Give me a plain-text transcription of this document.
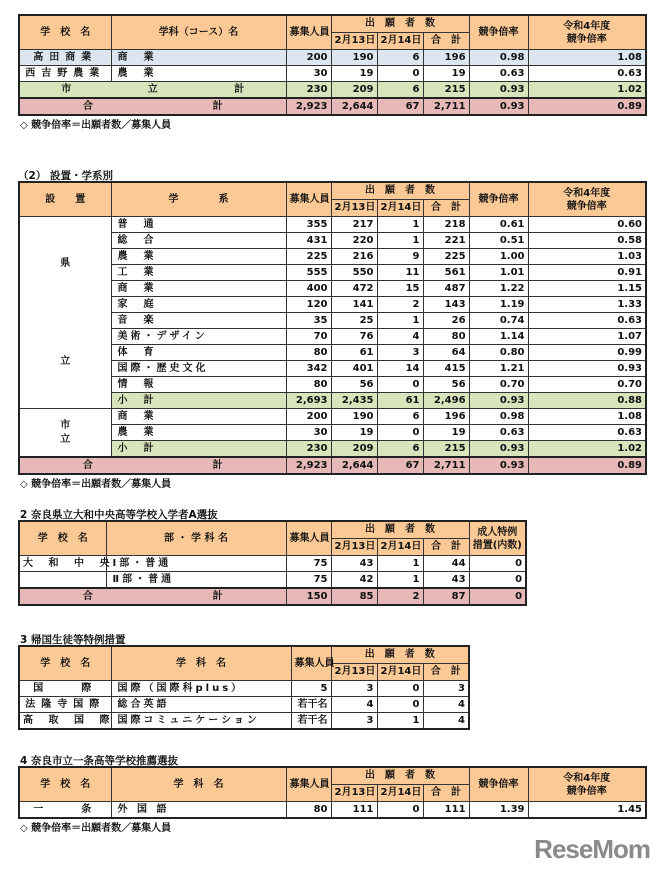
学　校　名	学科（コース）名	募集人員	出　願　者　数			競争倍率	令和4年度
競争倍率
			2月13日	2月14日	合　計		
高田商業	商　業	200	190	6	196	0.98	1.08
西吉野農業	農　業	30	19	0	19	0.63	0.63

市 立 計		230	209	6	215	0.93	1.02

合 計		2,923	2,644	67	2,711	0.93	0.89
◇ 競争倍率＝出願者数／募集人員
（2） 設置・学系別
設　　置	学　　　　系	募集人員	出　願　者　数			競争倍率	令和4年度
競争倍率
			2月13日	2月14日	合　計		
県

立	普　通	355	217	1	218	0.61	0.60
	総　合	431	220	1	221	0.51	0.58
	農　業	225	216	9	225	1.00	1.03
	工　業	555	550	11	561	1.01	0.91
	商　業	400	472	15	487	1.22	1.15
	家　庭	120	141	2	143	1.19	1.33
	音　楽	35	25	1	26	0.74	0.63
	美術・デザイン	70	76	4	80	1.14	1.07
	体　育	80	61	3	64	0.80	0.99
	国際・歴史文化	342	401	14	415	1.21	0.93
	情　報	80	56	0	56	0.70	0.70
	小　計	2,693	2,435	61	2,496	0.93	0.88
市
立	商　業	200	190	6	196	0.98	1.08
	農　業	30	19	0	19	0.63	0.63
	小　計	230	209	6	215	0.93	1.02

合 計		2,923	2,644	67	2,711	0.93	0.89
◇ 競争倍率＝出願者数／募集人員
2 奈良県立大和中央高等学校入学者A選抜
学　校　名	部 ・ 学 科 名	募集人員	出　願　者　数			成人特例
措置(内数)
			2月13日	2月14日	合　計	
大 和 中 央	Ⅰ部・普通	75	43	1	44	0
	Ⅱ部・普通	75	42	1	43	0

合 計		150	85	2	87	0
3 帰国生徒等特例措置
学　校　名	学　科　名	募集人員	出　願　者　数		
			2月13日	2月14日	合　計
国　　際	国際（国際科plus）	5	3	0	3
法隆寺国際	総合英語	若干名	4	0	4
高 取 国 際	国際コミュニケーション	若干名	3	1	4
4 奈良市立一条高等学校推薦選抜
学　校　名	学　科　名	募集人員	出　願　者　数			競争倍率	令和4年度
競争倍率
			2月13日	2月14日	合　計		
一　　条	外 国 語	80	111	0	111	1.39	1.45
◇ 競争倍率＝出願者数／募集人員
ReseMom
